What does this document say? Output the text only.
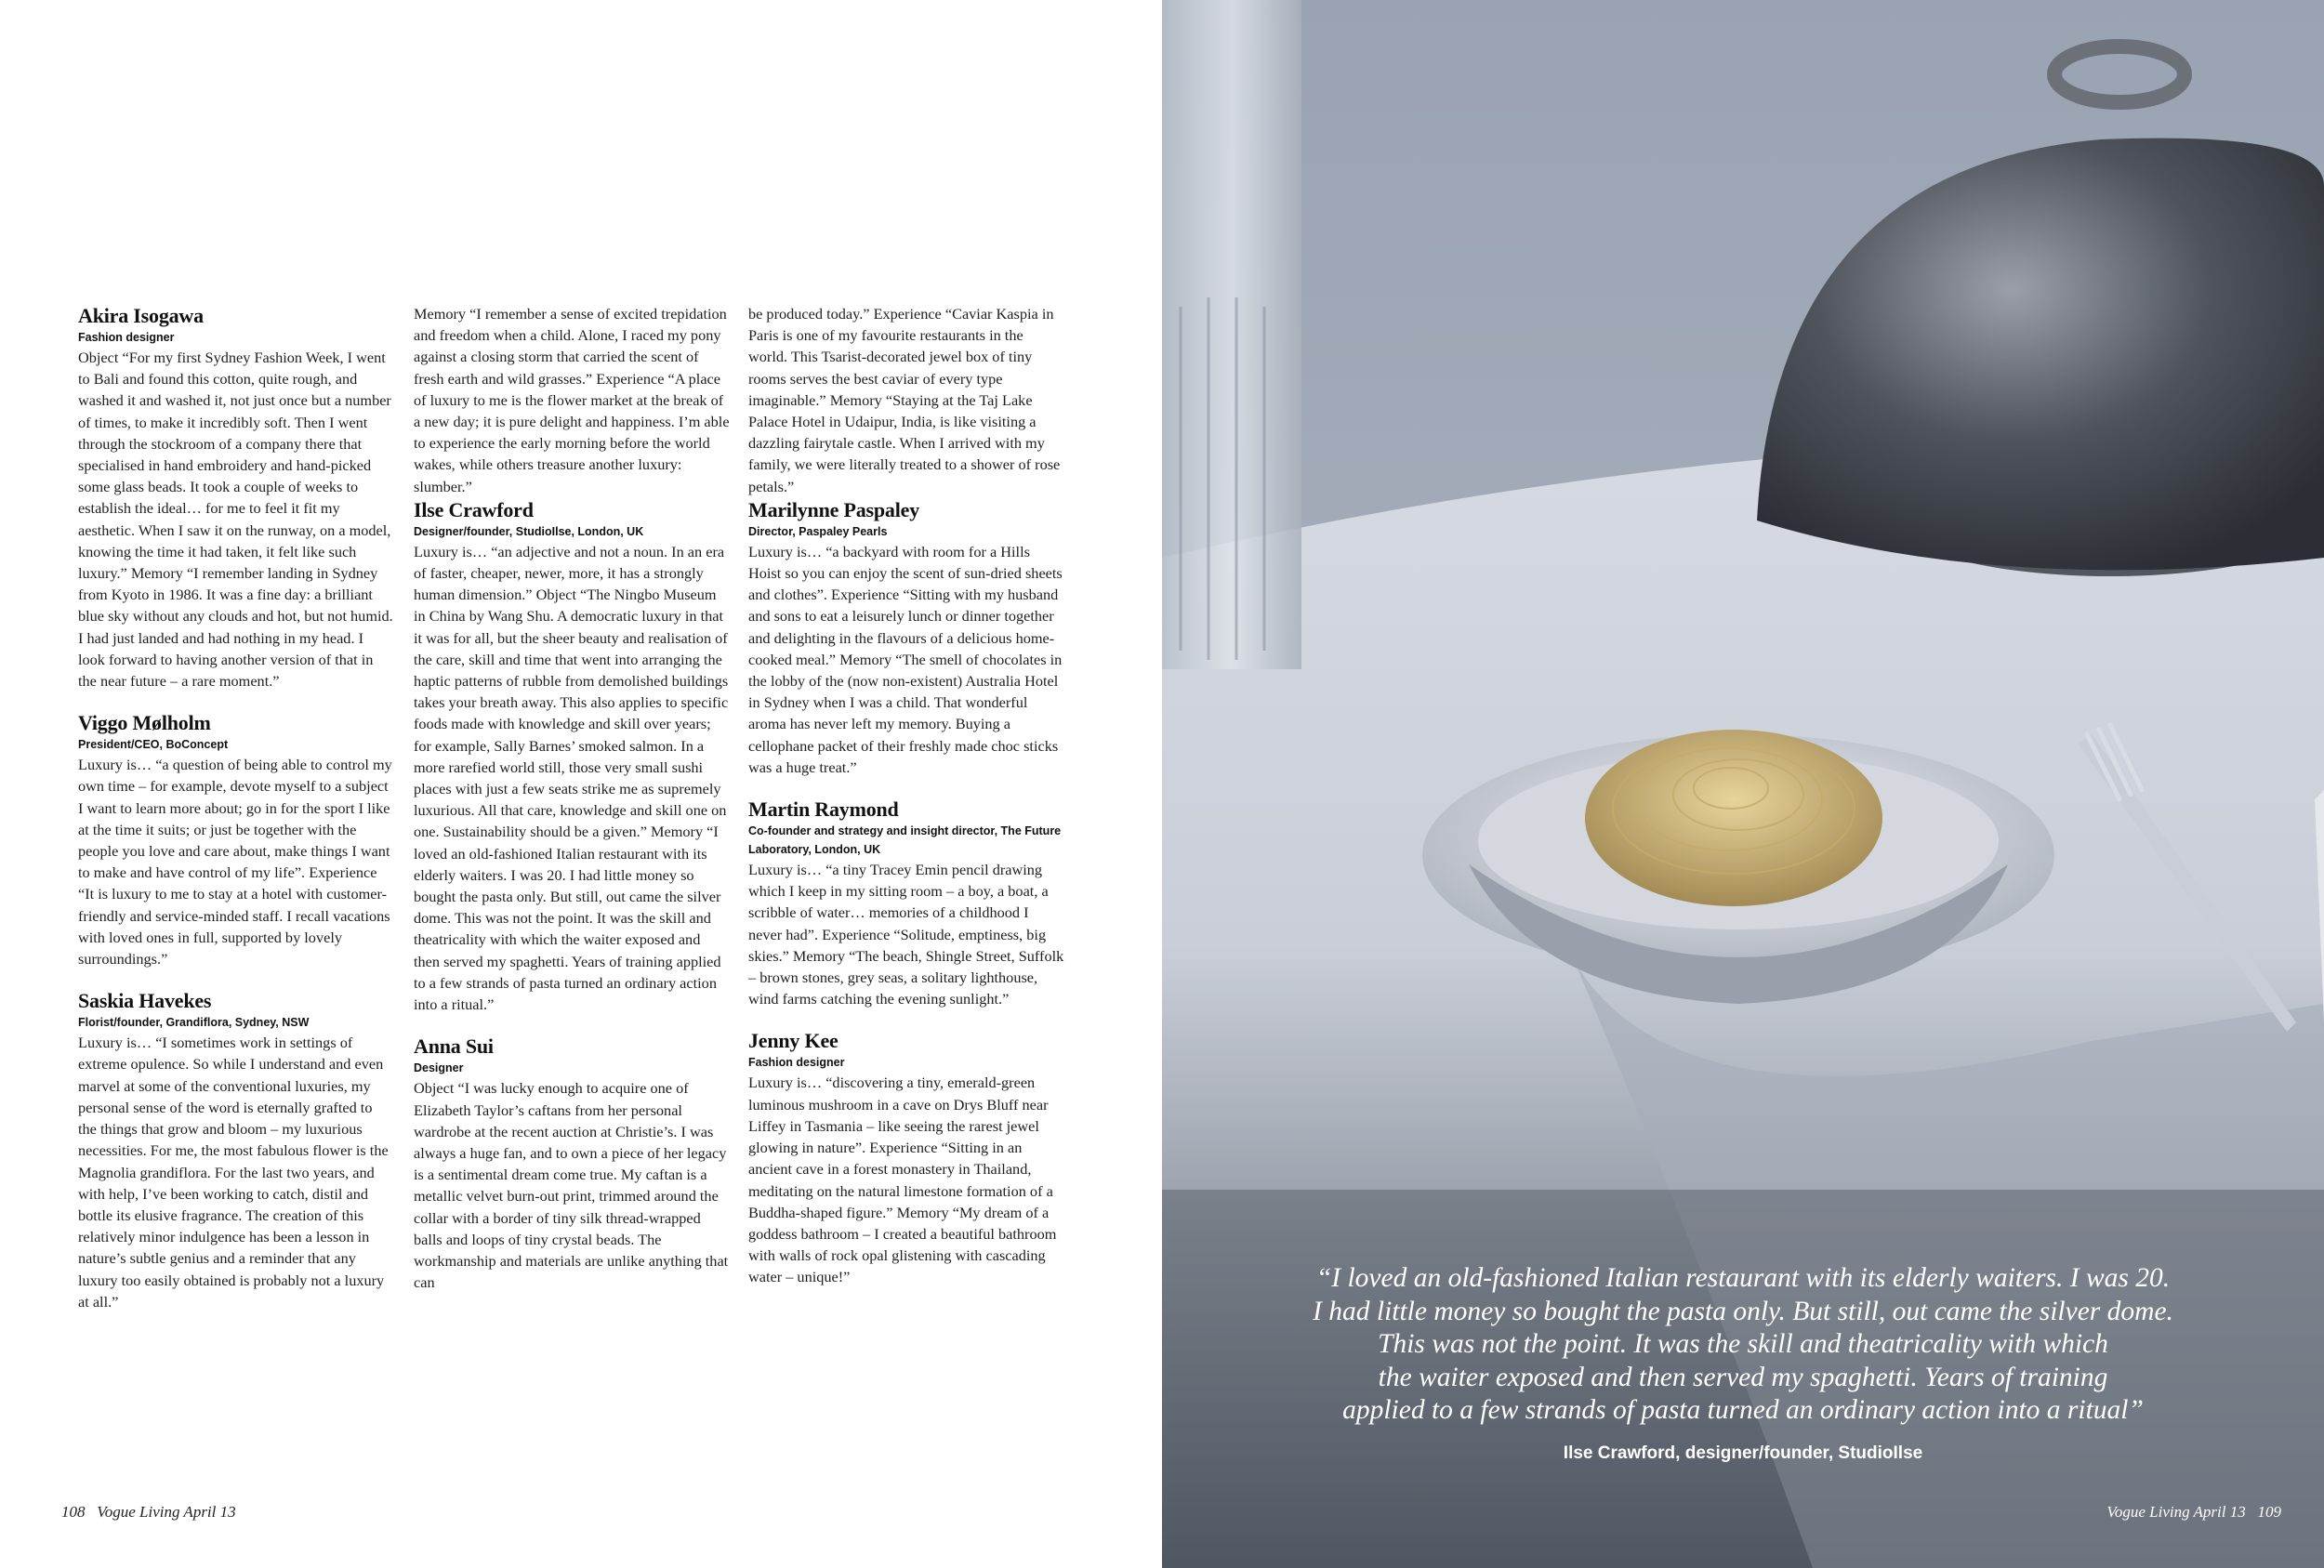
Akira Isogawa

Fashion designer

Object “For my first Sydney Fashion Week, I went to Bali and found this cotton, quite rough, and washed it and washed it, not just once but a number of times, to make it incredibly soft. Then I went through the stockroom of a company there that specialised in hand embroidery and hand-picked some glass beads. It took a couple of weeks to establish the ideal… for me to feel it fit my aesthetic. When I saw it on the runway, on a model, knowing the time it had taken, it felt like such luxury.” Memory “I remember landing in Sydney from Kyoto in 1986. It was a fine day: a brilliant blue sky without any clouds and hot, but not humid. I had just landed and had nothing in my head. I look forward to having another version of that in the near future – a rare moment.”

Viggo Mølholm

President/CEO, BoConcept

Luxury is… “a question of being able to control my own time – for example, devote myself to a subject I want to learn more about; go in for the sport I like at the time it suits; or just be together with the people you love and care about, make things I want to make and have control of my life”. Experience “It is luxury to me to stay at a hotel with customer-friendly and service-minded staff. I recall vacations with loved ones in full, supported by lovely surroundings.”

Saskia Havekes

Florist/founder, Grandiflora, Sydney, NSW

Luxury is… “I sometimes work in settings of extreme opulence. So while I understand and even marvel at some of the conventional luxuries, my personal sense of the word is eternally grafted to the things that grow and bloom – my luxurious necessities. For me, the most fabulous flower is the Magnolia grandiflora. For the last two years, and with help, I’ve been working to catch, distil and bottle its elusive fragrance. The creation of this relatively minor indulgence has been a lesson in nature’s subtle genius and a reminder that any luxury too easily obtained is probably not a luxury at all.”

Memory “I remember a sense of excited trepidation and freedom when a child. Alone, I raced my pony against a closing storm that carried the scent of fresh earth and wild grasses.” Experience “A place of luxury to me is the flower market at the break of a new day; it is pure delight and happiness. I’m able to experience the early morning before the world wakes, while others treasure another luxury: slumber.”

Ilse Crawford

Designer/founder, StudioIlse, London, UK

Luxury is… “an adjective and not a noun. In an era of faster, cheaper, newer, more, it has a strongly human dimension.” Object “The Ningbo Museum in China by Wang Shu. A democratic luxury in that it was for all, but the sheer beauty and realisation of the care, skill and time that went into arranging the haptic patterns of rubble from demolished buildings takes your breath away. This also applies to specific foods made with knowledge and skill over years; for example, Sally Barnes’ smoked salmon. In a more rarefied world still, those very small sushi places with just a few seats strike me as supremely luxurious. All that care, knowledge and skill one on one. Sustainability should be a given.” Memory “I loved an old-fashioned Italian restaurant with its elderly waiters. I was 20. I had little money so bought the pasta only. But still, out came the silver dome. This was not the point. It was the skill and theatricality with which the waiter exposed and then served my spaghetti. Years of training applied to a few strands of pasta turned an ordinary action into a ritual.”

Anna Sui

Designer

Object “I was lucky enough to acquire one of Elizabeth Taylor’s caftans from her personal wardrobe at the recent auction at Christie’s. I was always a huge fan, and to own a piece of her legacy is a sentimental dream come true. My caftan is a metallic velvet burn-out print, trimmed around the collar with a border of tiny silk thread-wrapped balls and loops of tiny crystal beads. The workmanship and materials are unlike anything that can

be produced today.” Experience “Caviar Kaspia in Paris is one of my favourite restaurants in the world. This Tsarist-decorated jewel box of tiny rooms serves the best caviar of every type imaginable.” Memory “Staying at the Taj Lake Palace Hotel in Udaipur, India, is like visiting a dazzling fairytale castle. When I arrived with my family, we were literally treated to a shower of rose petals.”

Marilynne Paspaley

Director, Paspaley Pearls

Luxury is… “a backyard with room for a Hills Hoist so you can enjoy the scent of sun-dried sheets and clothes”. Experience “Sitting with my husband and sons to eat a leisurely lunch or dinner together and delighting in the flavours of a delicious home-cooked meal.” Memory “The smell of chocolates in the lobby of the (now non-existent) Australia Hotel in Sydney when I was a child. That wonderful aroma has never left my memory. Buying a cellophane packet of their freshly made choc sticks was a huge treat.”

Martin Raymond

Co-founder and strategy and insight director, The Future Laboratory, London, UK

Luxury is… “a tiny Tracey Emin pencil drawing which I keep in my sitting room – a boy, a boat, a scribble of water… memories of a childhood I never had”. Experience “Solitude, emptiness, big skies.” Memory “The beach, Shingle Street, Suffolk – brown stones, grey seas, a solitary lighthouse, wind farms catching the evening sunlight.”

Jenny Kee

Fashion designer

Luxury is… “discovering a tiny, emerald-green luminous mushroom in a cave on Drys Bluff near Liffey in Tasmania – like seeing the rarest jewel glowing in nature”. Experience “Sitting in an ancient cave in a forest monastery in Thailand, meditating on the natural limestone formation of a Buddha-shaped figure.” Memory “My dream of a goddess bathroom – I created a beautiful bathroom with walls of rock opal glistening with cascading water – unique!”

108 Vogue Living April 13
“I loved an old-fashioned Italian restaurant with its elderly waiters. I was 20.
I had little money so bought the pasta only. But still, out came the silver dome.
This was not the point. It was the skill and theatricality with which
the waiter exposed and then served my spaghetti. Years of training
applied to a few strands of pasta turned an ordinary action into a ritual”
Ilse Crawford, designer/founder, StudioIlse
Vogue Living April 13 109
